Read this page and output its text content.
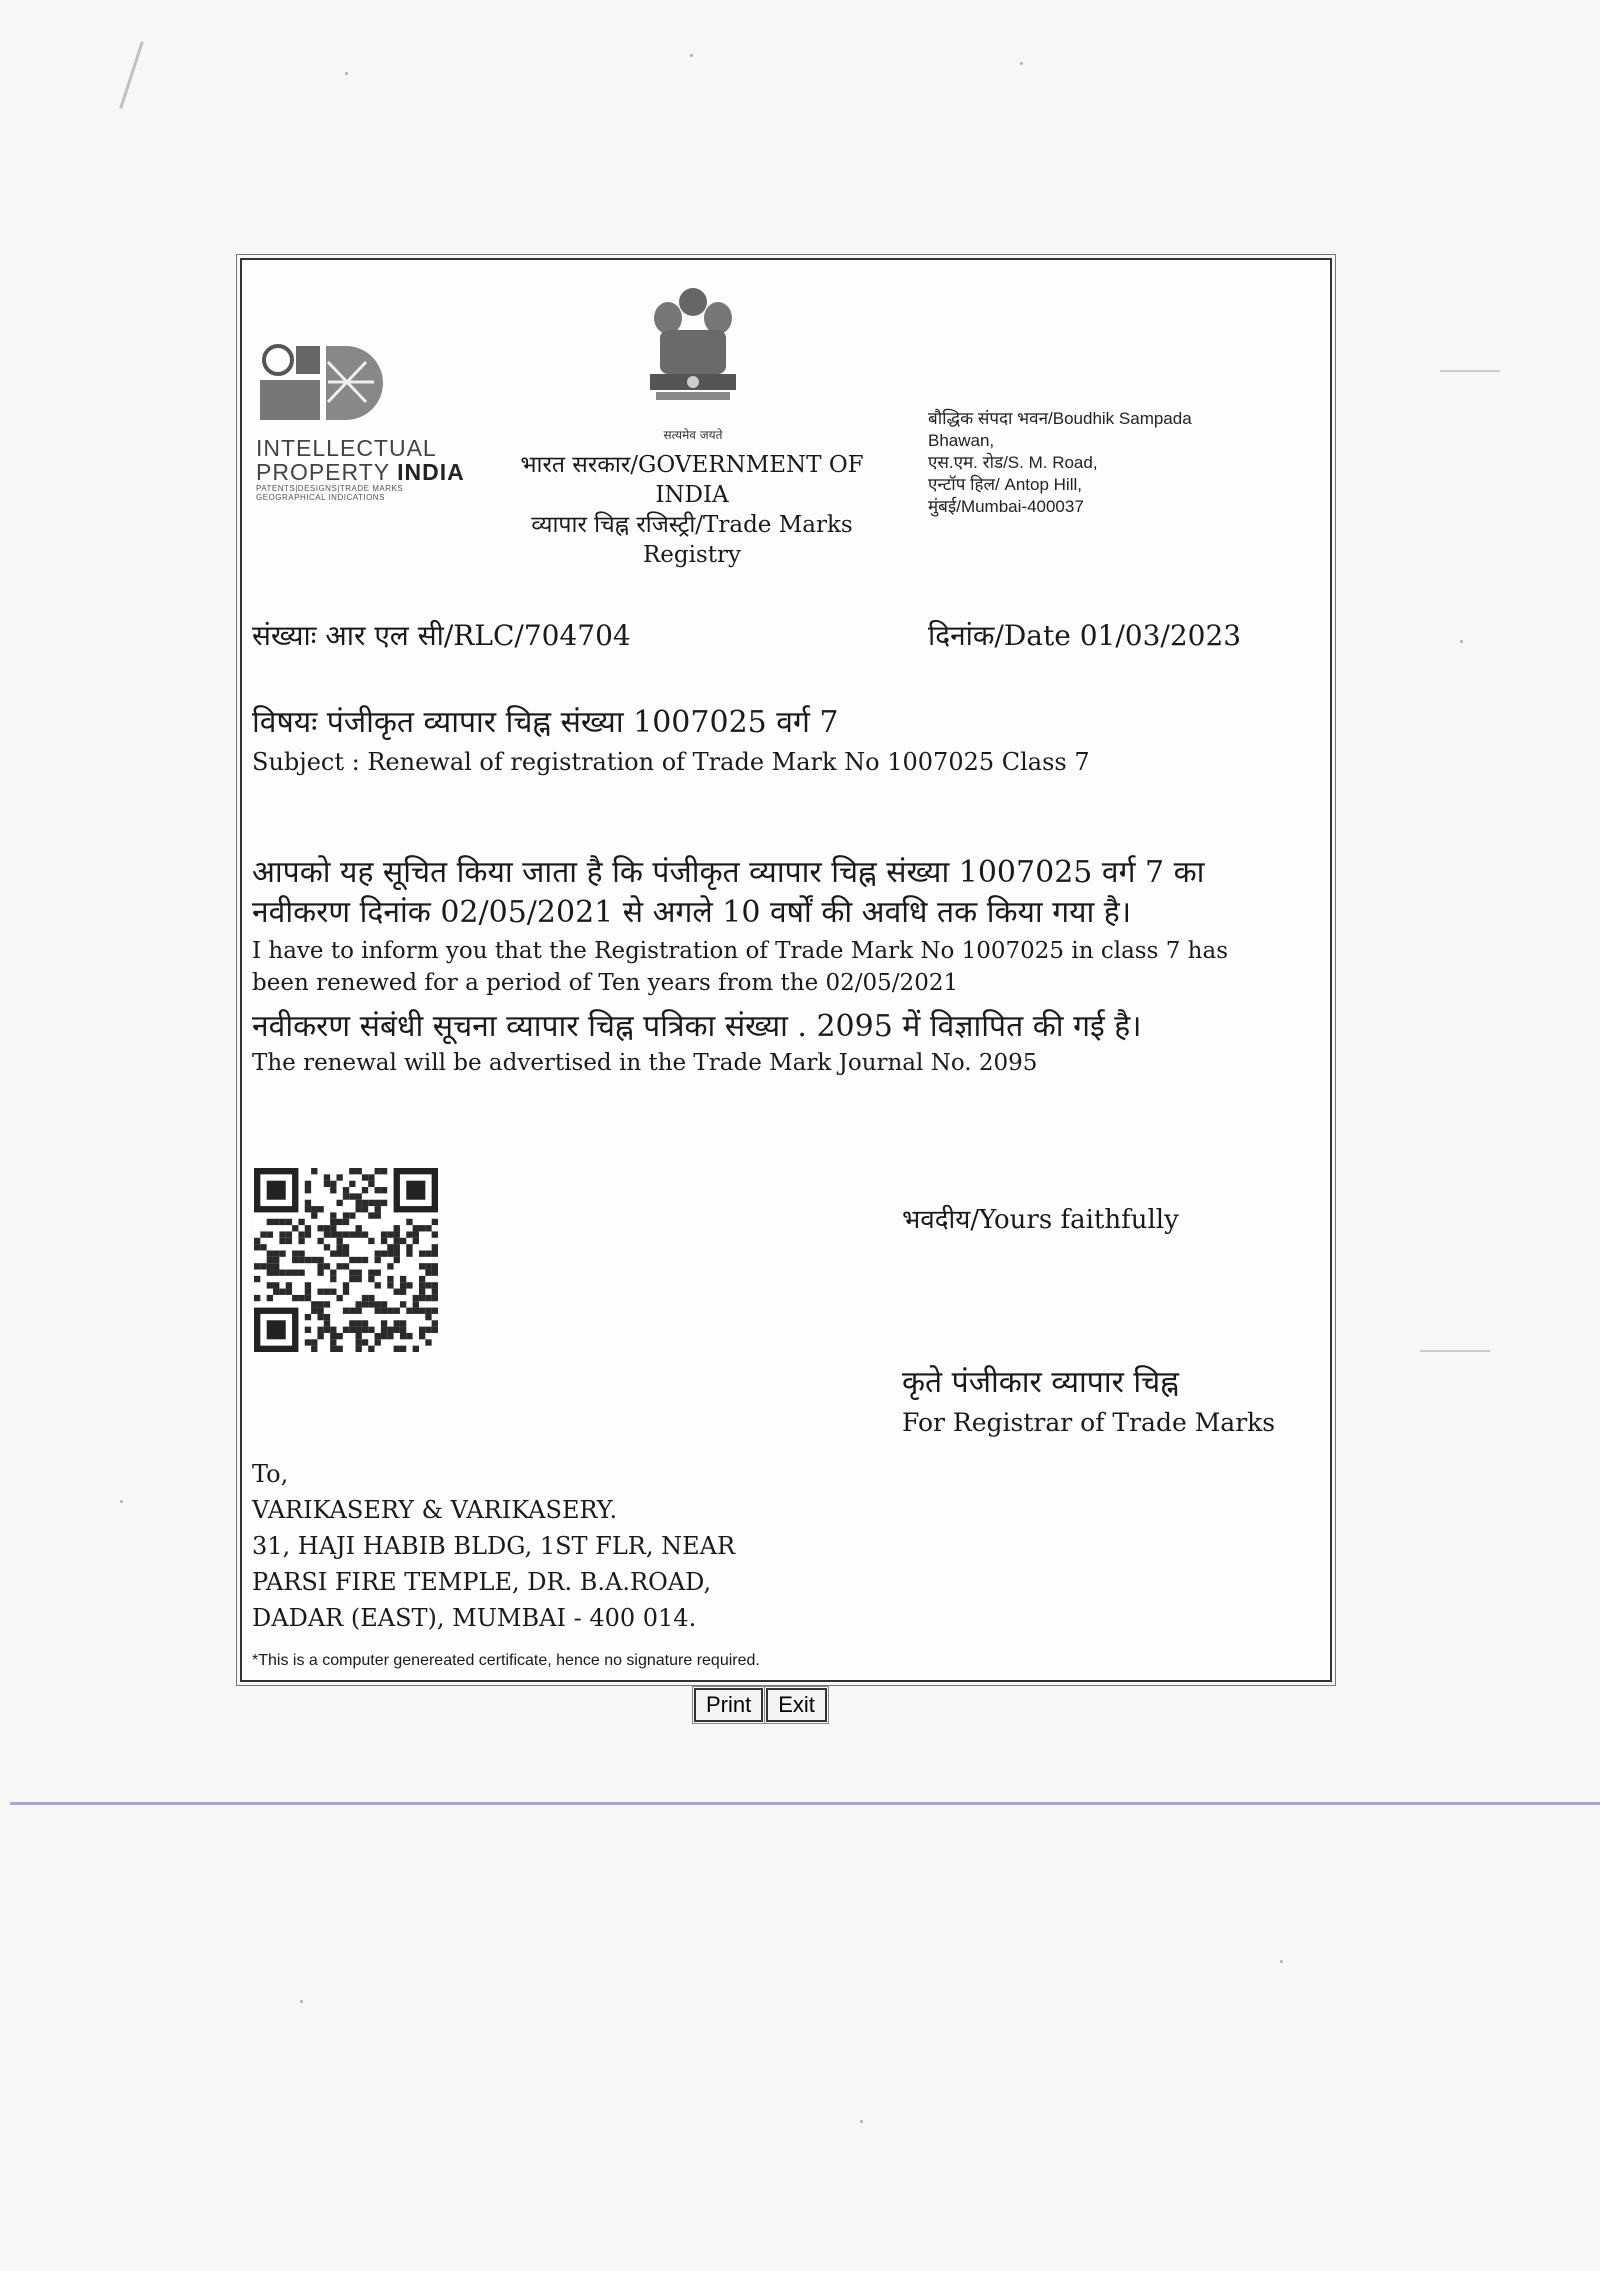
INTELLECTUAL
PROPERTY INDIA
PATENTS|DESIGNS|TRADE MARKS
GEOGRAPHICAL INDICATIONS
सत्यमेव जयते
भारत सरकार/GOVERNMENT OF
INDIA
व्यापार चिह्न रजिस्ट्री/Trade Marks
Registry
बौद्धिक संपदा भवन/Boudhik Sampada
Bhawan,
एस.एम. रोड/S. M. Road,
एन्टॉप हिल/ Antop Hill,
मुंबई/Mumbai-400037
संख्याः आर एल सी/RLC/704704	दिनांक/Date 01/03/2023
विषयः पंजीकृत व्यापार चिह्न संख्या 1007025 वर्ग 7
Subject : Renewal of registration of Trade Mark No 1007025 Class 7
आपको यह सूचित किया जाता है कि पंजीकृत व्यापार चिह्न संख्या 1007025 वर्ग 7 का
नवीकरण दिनांक 02/05/2021 से अगले 10 वर्षों की अवधि तक किया गया है।
I have to inform you that the Registration of Trade Mark No 1007025 in class 7 has
been renewed for a period of Ten years from the 02/05/2021
नवीकरण संबंधी सूचना व्यापार चिह्न पत्रिका संख्या . 2095 में विज्ञापित की गई है।
The renewal will be advertised in the Trade Mark Journal No. 2095
भवदीय/Yours faithfully
कृते पंजीकार व्यापार चिह्न
For Registrar of Trade Marks
To,
VARIKASERY & VARIKASERY.
31, HAJI HABIB BLDG, 1ST FLR, NEAR
PARSI FIRE TEMPLE, DR. B.A.ROAD,
DADAR (EAST), MUMBAI - 400 014.
*This is a computer genereated certificate, hence no signature required.
Print	Exit
